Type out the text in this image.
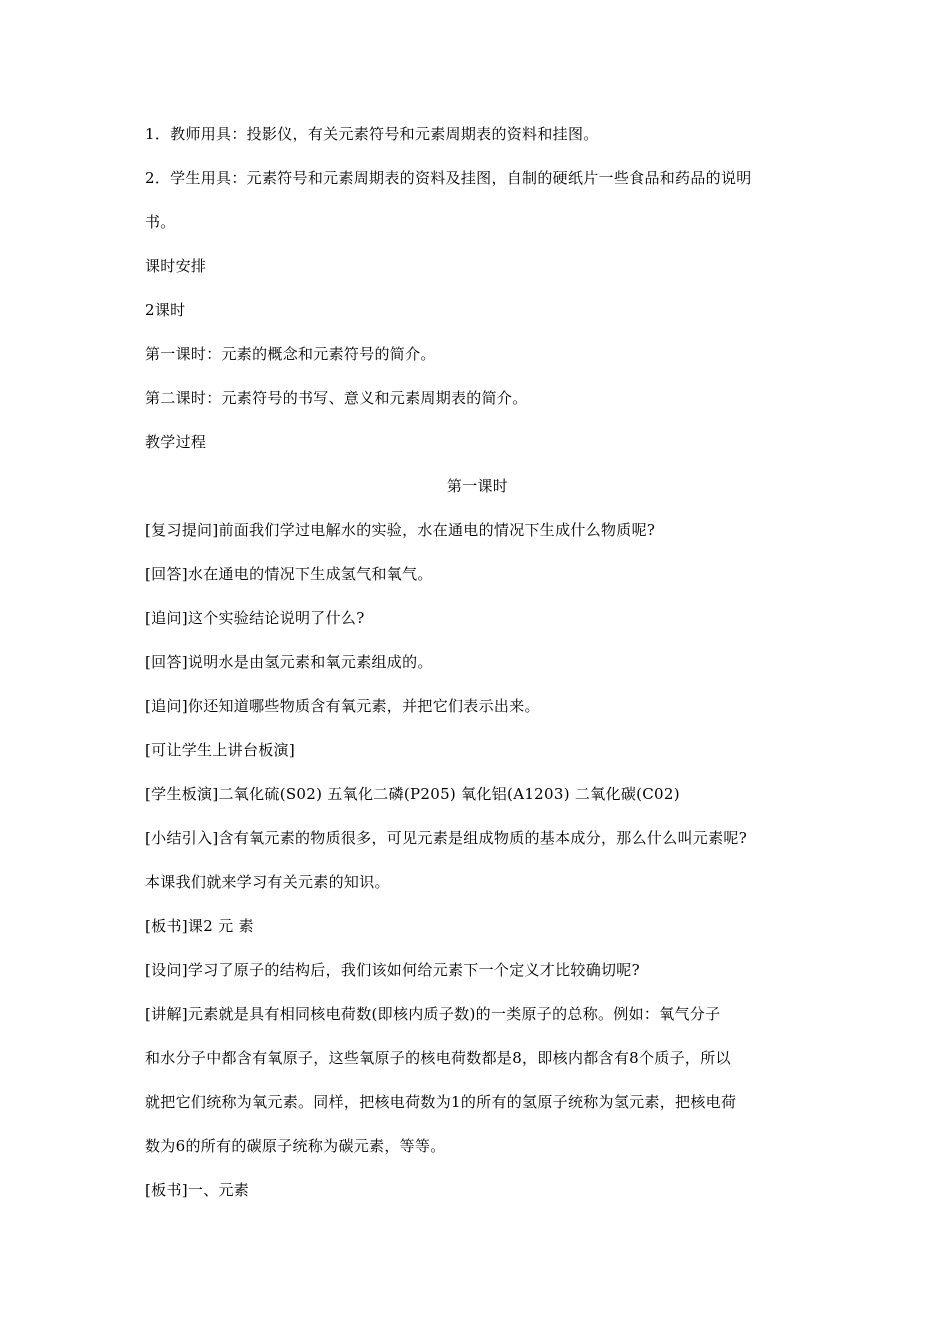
1．教师用具：投影仪，有关元素符号和元素周期表的资料和挂图。
2．学生用具：元素符号和元素周期表的资料及挂图，自制的硬纸片一些食品和药品的说明
书。
课时安排
2课时
第一课时：元素的概念和元素符号的简介。
第二课时：元素符号的书写、意义和元素周期表的简介。
教学过程
第一课时
[复习提问]前面我们学过电解水的实验，水在通电的情况下生成什么物质呢?
[回答]水在通电的情况下生成氢气和氧气。
[追问]这个实验结论说明了什么?
[回答]说明水是由氢元素和氧元素组成的。
[追问]你还知道哪些物质含有氧元素，并把它们表示出来。
[可让学生上讲台板演]
[学生板演]二氧化硫(S02) 五氧化二磷(P205) 氧化铝(A1203) 二氧化碳(C02)
[小结引入]含有氧元素的物质很多，可见元素是组成物质的基本成分，那么什么叫元素呢?
本课我们就来学习有关元素的知识。
[板书]课2 元 素
[设问]学习了原子的结构后，我们该如何给元素下一个定义才比较确切呢?
[讲解]元素就是具有相同核电荷数(即核内质子数)的一类原子的总称。例如：氧气分子
和水分子中都含有氧原子，这些氧原子的核电荷数都是8，即核内都含有8个质子，所以
就把它们统称为氧元素。同样，把核电荷数为1的所有的氢原子统称为氢元素，把核电荷
数为6的所有的碳原子统称为碳元素，等等。
[板书]一、元素
